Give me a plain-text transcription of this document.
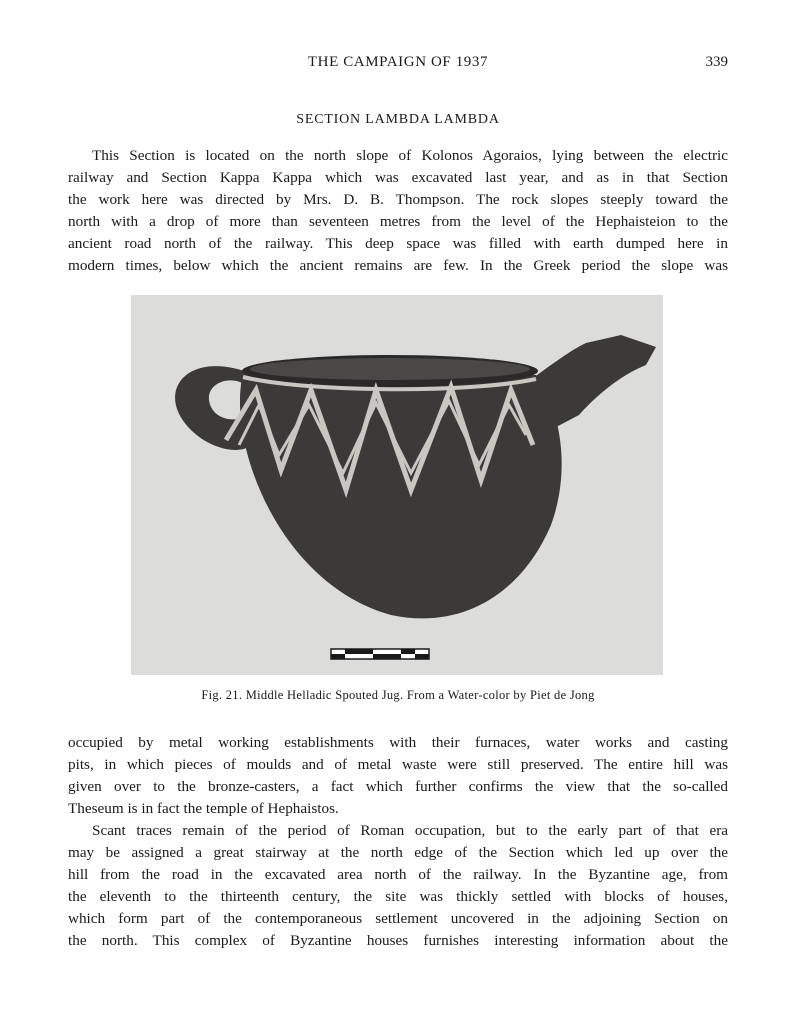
THE CAMPAIGN OF 1937	339
SECTION LAMBDA LAMBDA

This Section is located on the north slope of Kolonos Agoraios, lying between the electric
railway and Section Kappa Kappa which was excavated last year, and as in that Section
the work here was directed by Mrs. D. B. Thompson. The rock slopes steeply toward the
north with a drop of more than seventeen metres from the level of the Hephaisteion to the
ancient road north of the railway. This deep space was filled with earth dumped here in
modern times, below which the ancient remains are few. In the Greek period the slope was

Fig. 21. Middle Helladic Spouted Jug. From a Water-color by Piet de Jong

occupied by metal working establishments with their furnaces, water works and casting
pits, in which pieces of moulds and of metal waste were still preserved. The entire hill was
given over to the bronze-casters, a fact which further confirms the view that the so-called
Theseum is in fact the temple of Hephaistos.

Scant traces remain of the period of Roman occupation, but to the early part of that era
may be assigned a great stairway at the north edge of the Section which led up over the
hill from the road in the excavated area north of the railway. In the Byzantine age, from
the eleventh to the thirteenth century, the site was thickly settled with blocks of houses,
which form part of the contemporaneous settlement uncovered in the adjoining Section on
the north. This complex of Byzantine houses furnishes interesting information about the
